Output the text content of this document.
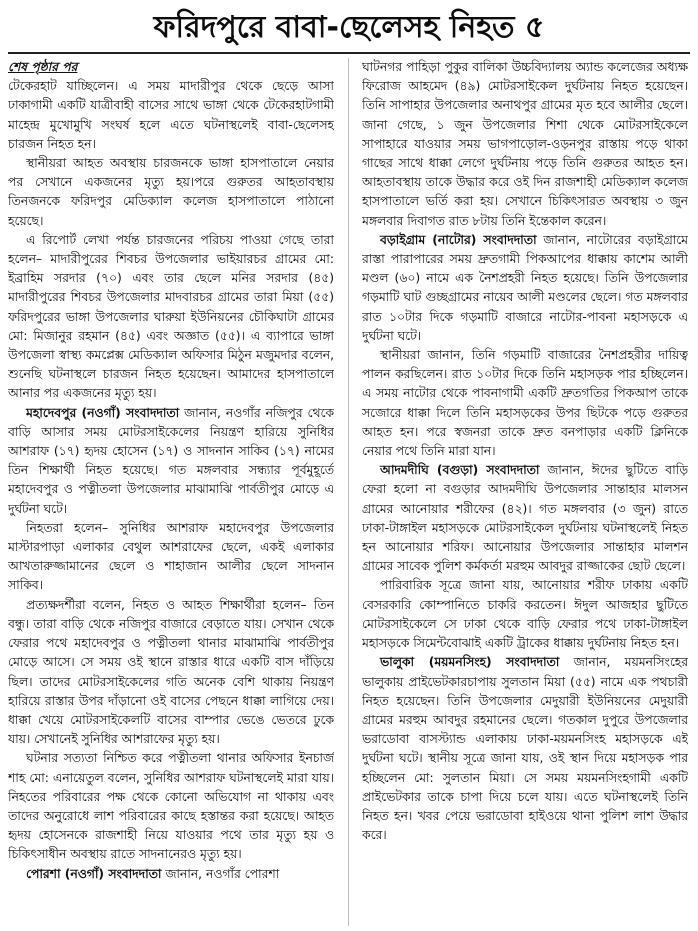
ফরিদপুরে বাবা-ছেলেসহ নিহত ৫

শেষ পৃষ্ঠার পর

টেকেরহাট যাচ্ছিলেন। এ সময় মাদারীপুর থেকে ছেড়ে আসা ঢাকাগামী একটি যাত্রীবাহী বাসের সাথে ভাঙ্গা থেকে টেকেরহাটগামী মাহেন্দ্র মুখোমুখি সংঘর্ষ হলে এতে ঘটনাস্থলেই বাবা-ছেলেসহ চারজন নিহত হন।

স্থানীয়রা আহত অবস্থায় চারজনকে ভাঙ্গা হাসপাতালে নেয়ার পর সেখানে একজনের মৃত্যু হয়।পরে গুরুতর আহতাবস্থায় তিনজনকে ফরিদপুর মেডিক্যাল কলেজ হাসপাতালে পাঠানো হয়েছে।

এ রিপোর্ট লেখা পর্যন্ত চারজনের পরিচয় পাওয়া গেছে তারা হলেন– মাদারীপুরের শিবচর উপজেলার ভাইয়ারচর গ্রামের মো: ইব্রাহিম সরদার (৭০) এবং তার ছেলে মনির সরদার (৪৫) মাদারীপুরের শিবচর উপজেলার মাদবারচর গ্রামের তারা মিয়া (৫৫) ফরিদপুরের ভাঙ্গা উপজেলার ঘারুয়া ইউনিয়নের চৌকিঘাটা গ্রামের মো: মিজানুর রহমান (৪৫) এবং অজ্ঞাত (৫৫)। এ ব্যাপারে ভাঙ্গা উপজেলা স্বাস্থ্য কমপ্লেক্স মেডিক্যাল অফিসার মিঠুন মজুমদার বলেন, শুনেছি ঘটনাস্থলে চারজন নিহত হয়েছেন। আমাদের হাসপাতালে আনার পর একজনের মৃত্যু হয়।

মহাদেবপুর (নওগাঁ) সংবাদদাতা জানান, নওগাঁর নজিপুর থেকে বাড়ি আসার সময় মোটরসাইকেলের নিয়ন্ত্রণ হারিয়ে সুনিধির আশরাফ (১৭) হৃদয় হোসেন (১৭) ও সাদনান সাকিব (১৭) নামের তিন শিক্ষার্থী নিহত হয়েছে। গত মঙ্গলবার সন্ধ্যার পূর্বমুহূর্তে মহাদেবপুর ও পত্নীতলা উপজেলার মাঝামাঝি পার্বতীপুর মোড়ে এ দুর্ঘটনা ঘটে।

নিহতরা হলেন– সুনিধির আশরাফ মহাদেবপুর উপজেলার মাস্টারপাড়া এলাকার বেথুল আশরাফের ছেলে, একই এলাকার আখতারুজ্জামানের ছেলে ও শাহাজান আলীর ছেলে সাদনান সাকিব।

প্রত্যক্ষদর্শীরা বলেন, নিহত ও আহত শিক্ষার্থীরা হলেন– তিন বন্ধু। তারা বাড়ি থেকে নজিপুর বাজারে বেড়াতে যায়। সেখান থেকে ফেরার পথে মহাদেবপুর ও পত্নীতলা থানার মাঝামাঝি পার্বতীপুর মোড়ে আসে। সে সময় ওই স্থানে রাস্তার ধারে একটি বাস দাঁড়িয়ে ছিল। তাদের মোটরসাইকেলের গতি অনেক বেশি থাকায় নিয়ন্ত্রণ হারিয়ে রাস্তার উপর দাঁড়ানো ওই বাসের পেছনে ধাক্কা লাগিয়ে দেয়। ধাক্কা খেয়ে মোটরসাইকেলটি বাসের বাম্পার ভেঙে ভেতরে ঢুকে যায়। সেখানেই সুনিধির আশরাফের মৃত্যু হয়।

ঘটনার সত্যতা নিশ্চিত করে পত্নীতলা থানার অফিসার ইনচার্জ শাহ মো: এনায়েতুল বলেন, সুনিধির আশরাফ ঘটনাস্থলেই মারা যায়। নিহতের পরিবারের পক্ষ থেকে কোনো অভিযোগ না থাকায় এবং তাদের অনুরোধে লাশ পরিবারের কাছে হস্তান্তর করা হয়েছে। আহত হৃদয় হোসেনকে রাজশাহী নিয়ে যাওয়ার পথে তার মৃত্যু হয় ও চিকিৎসাধীন অবস্থায় রাতে সাদনানেরও মৃত্যু হয়।

পোরশা (নওগাঁ) সংবাদদাতা জানান, নওগাঁর পোরশা

ঘাটনগর পাহিড়া পুকুর বালিকা উচ্চবিদ্যালয় অ্যান্ড কলেজের অধ্যক্ষ ফিরোজ আহমেদ (৪৯) মোটরসাইকেল দুর্ঘটনায় নিহত হয়েছেন। তিনি সাপাহার উপজেলার অনাথপুর গ্রামের মৃত হবে আলীর ছেলে। জানা গেছে, ১ জুন উপজেলার শিশা থেকে মোটরসাইকেলে সাপাহারে যাওয়ার সময় ভাগপাড়োল-ওড়নপুর রাস্তায় পড়ে থাকা গাছের সাথে ধাক্কা লেগে দুর্ঘটনায় পড়ে তিনি গুরুতর আহত হন। আহতাবস্থায় তাকে উদ্ধার করে ওই দিন রাজশাহী মেডিক্যাল কলেজ হাসপাতালে ভর্তি করা হয়। সেখানে চিকিৎসারত অবস্থায় ৩ জুন মঙ্গলবার দিবাগত রাত ৮টায় তিনি ইন্তেকাল করেন।

বড়াইগ্রাম (নাটোর) সংবাদদাতা জানান, নাটোরের বড়াইগ্রামে রাস্তা পারাপারের সময় দ্রুতগামী পিকআপের ধাক্কায় কাশেম আলী মণ্ডল (৬০) নামে এক নৈশপ্রহরী নিহত হয়েছে। তিনি উপজেলার গড়মাটি ঘাট গুচ্ছগ্রামের নায়েব আলী মণ্ডলের ছেলে। গত মঙ্গলবার রাত ১০টার দিকে গড়মাটি বাজারে নাটোর-পাবনা মহাসড়কে এ দুর্ঘটনা ঘটে।

স্থানীয়রা জানান, তিনি গড়মাটি বাজারের নৈশপ্রহরীর দায়িত্ব পালন করছিলেন। রাত ১০টার দিকে তিনি মহাসড়ক পার হচ্ছিলেন। এ সময় নাটোর থেকে পাবনাগামী একটি দ্রুতগতির পিকআপ তাকে সজোরে ধাক্কা দিলে তিনি মহাসড়কের উপর ছিটকে পড়ে গুরুতর আহত হন। পরে স্বজনরা তাকে দ্রুত বনপাড়ার একটি ক্লিনিকে নেয়ার পথে তিনি মারা যান।

আদমদীঘি (বগুড়া) সংবাদদাতা জানান, ঈদের ছুটিতে বাড়ি ফেরা হলো না বগুড়ার আদমদীঘি উপজেলার সান্তাহার মালসন গ্রামের আনোয়ার শরীফের (৪২)। গত মঙ্গলবার (৩ জুন) রাতে ঢাকা-টাঙ্গাইল মহাসড়কে মোটরসাইকেল দুর্ঘটনায় ঘটনাস্থলেই নিহত হন আনোয়ার শরিফ। আনোয়ার উপজেলার সান্তাহার মালশন গ্রামের সাবেক পুলিশ কর্মকর্তা মরহুম আবদুর রাজ্জাকের ছোট ছেলে।

পারিবারিক সূত্রে জানা যায়, আনোয়ার শরীফ ঢাকায় একটি বেসরকারি কোম্পানিতে চাকরি করতেন। ঈদুল আজহার ছুটিতে মোটরসাইকেলে সে ঢাকা থেকে বাড়ি ফেরার পথে ঢাকা-টাঙ্গাইল মহাসড়কে সিমেন্টবোঝাই একটি ট্রাকের ধাক্কায় দুর্ঘটনায় নিহত হন।

ভালুকা (ময়মনসিংহ) সংবাদদাতা জানান, ময়মনসিংহের ভালুকায় প্রাইভেটকারচাপায় সুলতান মিয়া (৫৫) নামে এক পথচারী নিহত হয়েছেন। তিনি উপজেলার মেদুয়ারী ইউনিয়নের মেদুয়ারী গ্রামের মরহুম আবদুর রহমানের ছেলে। গতকাল দুপুরে উপজেলার ভরাডোবা বাসস্ট্যান্ড এলাকায় ঢাকা-ময়মনসিংহ মহাসড়কে এই দুর্ঘটনা ঘটে। স্থানীয় সূত্রে জানা যায়, ওই স্থান দিয়ে মহাসড়ক পার হচ্ছিলেন মো: সুলতান মিয়া। সে সময় ময়মনসিংহগামী একটি প্রাইভেটকার তাকে চাপা দিয়ে চলে যায়। এতে ঘটনাস্থলেই তিনি নিহত হন। খবর পেয়ে ভরাডোবা হাইওয়ে থানা পুলিশ লাশ উদ্ধার করে।
